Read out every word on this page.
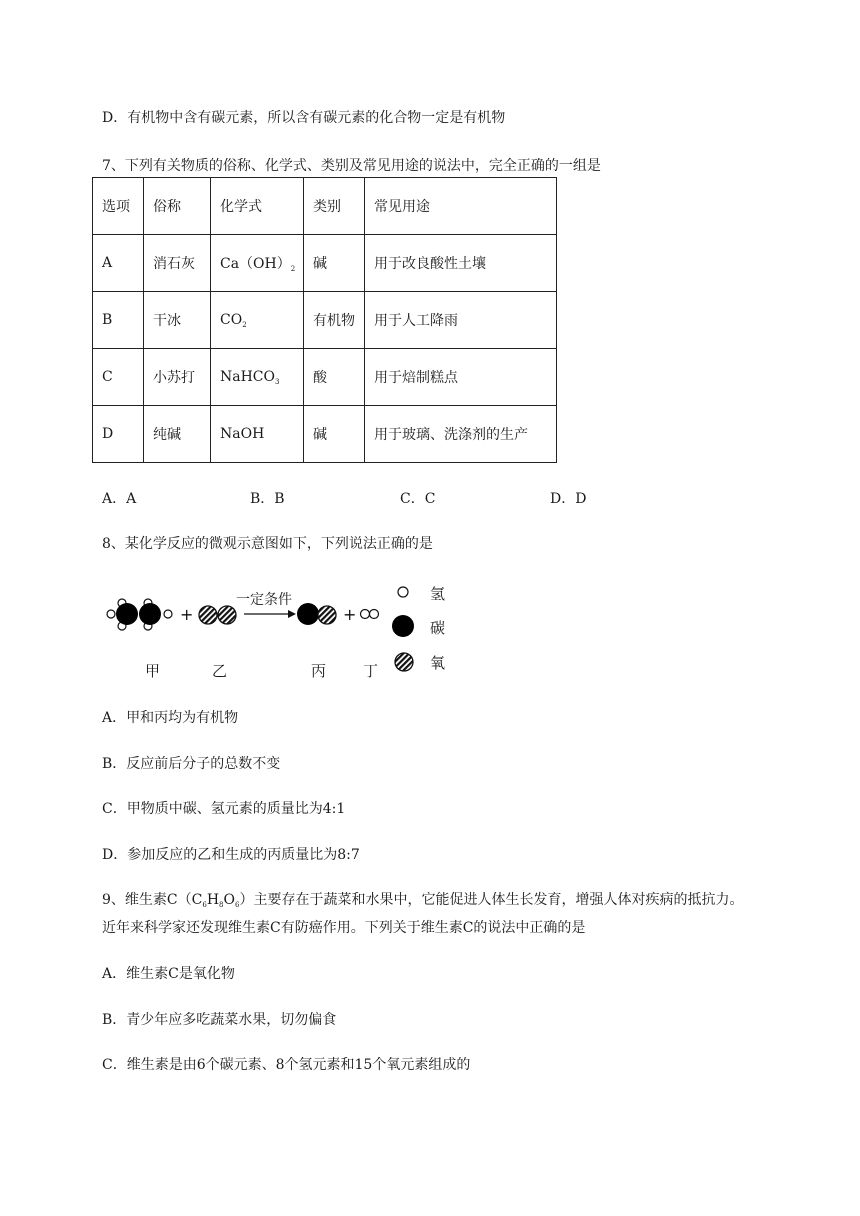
D．有机物中含有碳元素，所以含有碳元素的化合物一定是有机物
7、下列有关物质的俗称、化学式、类别及常见用途的说法中，完全正确的一组是
选项	俗称	化学式	类别	常见用途
A	消石灰	$Ca(OH)_2$	碱	用于改良酸性土壤
B	干冰	$CO_2$	有机物	用于人工降雨
C	小苏打	NaHCO$_3$	酸	用于焙制糕点
D	纯碱	NaOH	碱	用于玻璃、洗涤剂的生产
A．A	B．B	C．C	D．D
8、某化学反应的微观示意图如下，下列说法正确的是
+	+
一定条件
甲	乙	丙 丁
氢
碳
氧
A．甲和丙均为有机物
B．反应前后分子的总数不变
C．甲物质中碳、氢元素的质量比为4:1
D．参加反应的乙和生成的丙质量比为8:7
9、维生素$C(C_6H_8O_6)$主要存在于蔬菜和水果中，它能促进人体生长发育，增强人体对疾病的抵抗力。
近年来科学家还发现维生素C有防癌作用。下列关于维生素C的说法中正确的是
A．维生素C是氧化物
B．青少年应多吃蔬菜水果，切勿偏食
C．维生素是由6个碳元素、8个氢元素和15个氧元素组成的
